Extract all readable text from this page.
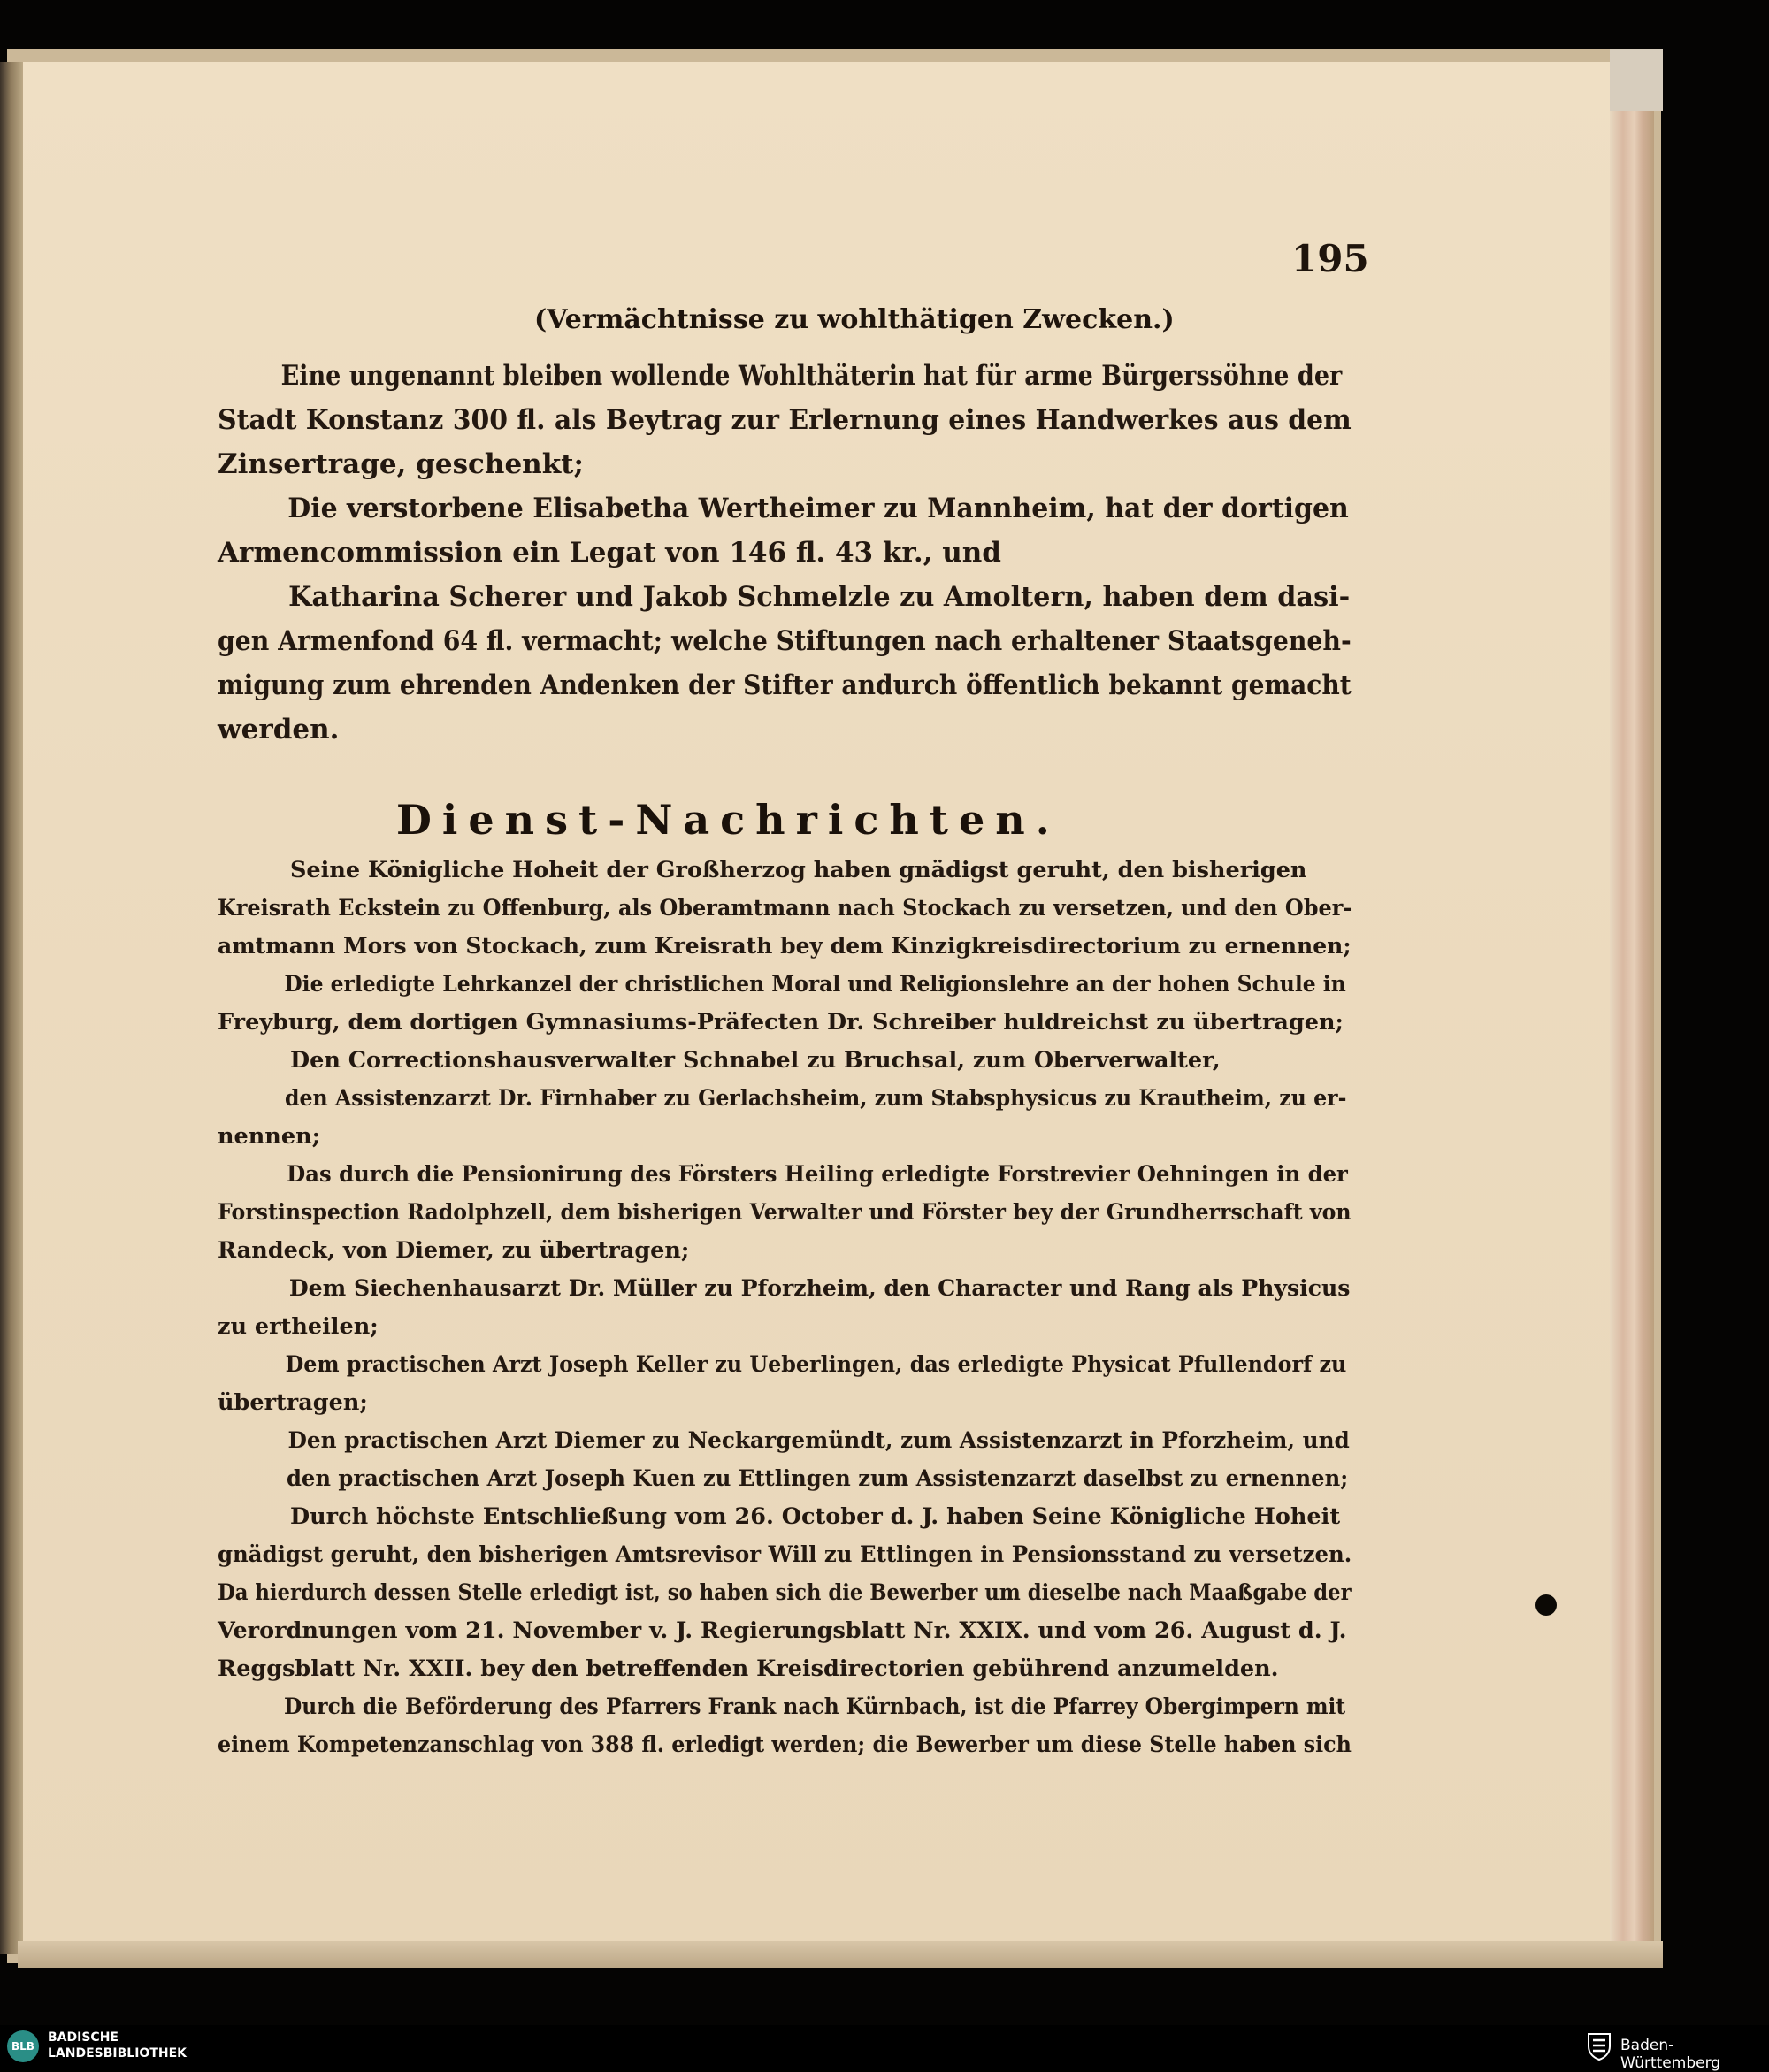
195
(Vermächtnisse zu wohlthätigen Zwecken.)

Eine ungenannt bleiben wollende Wohlthäterin hat für arme Bürgerssöhne der

Stadt Konstanz 300 fl. als Beytrag zur Erlernung eines Handwerkes aus dem

Zinsertrage, geschenkt;

Die verstorbene Elisabetha Wertheimer zu Mannheim, hat der dortigen

Armencommission ein Legat von 146 fl. 43 kr., und

Katharina Scherer und Jakob Schmelzle zu Amoltern, haben dem dasi-

gen Armenfond 64 fl. vermacht; welche Stiftungen nach erhaltener Staatsgeneh-

migung zum ehrenden Andenken der Stifter andurch öffentlich bekannt gemacht

werden.

Dienst-Nachrichten.

Seine Königliche Hoheit der Großherzog haben gnädigst geruht, den bisherigen

Kreisrath Eckstein zu Offenburg, als Oberamtmann nach Stockach zu versetzen, und den Ober-

amtmann Mors von Stockach, zum Kreisrath bey dem Kinzigkreisdirectorium zu ernennen;

Die erledigte Lehrkanzel der christlichen Moral und Religionslehre an der hohen Schule in

Freyburg, dem dortigen Gymnasiums-Präfecten Dr. Schreiber huldreichst zu übertragen;

Den Correctionshausverwalter Schnabel zu Bruchsal, zum Oberverwalter,

den Assistenzarzt Dr. Firnhaber zu Gerlachsheim, zum Stabsphysicus zu Krautheim, zu er-

nennen;

Das durch die Pensionirung des Försters Heiling erledigte Forstrevier Oehningen in der

Forstinspection Radolphzell, dem bisherigen Verwalter und Förster bey der Grundherrschaft von

Randeck, von Diemer, zu übertragen;

Dem Siechenhausarzt Dr. Müller zu Pforzheim, den Character und Rang als Physicus

zu ertheilen;

Dem practischen Arzt Joseph Keller zu Ueberlingen, das erledigte Physicat Pfullendorf zu

übertragen;

Den practischen Arzt Diemer zu Neckargemündt, zum Assistenzarzt in Pforzheim, und

den practischen Arzt Joseph Kuen zu Ettlingen zum Assistenzarzt daselbst zu ernennen;

Durch höchste Entschließung vom 26. October d. J. haben Seine Königliche Hoheit

gnädigst geruht, den bisherigen Amtsrevisor Will zu Ettlingen in Pensionsstand zu versetzen.

Da hierdurch dessen Stelle erledigt ist, so haben sich die Bewerber um dieselbe nach Maaßgabe der

Verordnungen vom 21. November v. J. Regierungsblatt Nr. XXIX. und vom 26. August d. J.

Reggsblatt Nr. XXII. bey den betreffenden Kreisdirectorien gebührend anzumelden.

Durch die Beförderung des Pfarrers Frank nach Kürnbach, ist die Pfarrey Obergimpern mit

einem Kompetenzanschlag von 388 fl. erledigt werden; die Bewerber um diese Stelle haben sich

BLB
BADISCHE
LANDESBIBLIOTHEK	Baden-Württemberg
